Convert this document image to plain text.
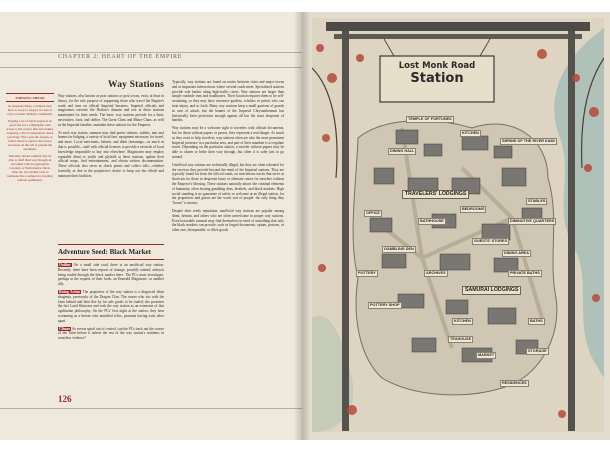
CHAPTER 2: HEART OF THE EMPIRE
FORGING AHEAD

In desperate times, a samurai may have to stoop to forgery in order to carry out their daimyō's commands.

Forging a set of travel papers is no good feat for a calligrapher with access to the correct inks and stamps, requiring a TN 3 Composition check (see Page 78) to pass the forgery. A failed check is equal to the lowest successes on the roll to present the document.

Naturally, honest samurai may be able to bluff their way through an encounter with an appropriate Courtesy or Performance check. After all, it is terribly rude to insinuate that a samurai is traveling without permission.

Way Stations

Way stations, also known as post stations or post towns, exist, at least in theory, for the sole purpose of supporting those who travel the Empire's roads and inns on official Imperial business. Imperial officials and magistrates traverse the Harbor's domain and rest at these stations maintained for their needs. The basic way stations provide for a basic necessities: food, and shelter. The Great Clans and Minor Clans, as well as the Imperial families, maintain these stations for the Emperor.

At each way station, samurai may find porter stations, stables, inns and homes for lodging, a variety of local fare, equipment necessary for travel, and more. Local merchants, heimin, and dōmi (meanings—as much as that is possible—staff with official licenses to provide a network of local knowledge impossible to buy into elsewhere. Magistrates may employ reputable dōmi or yoriki and plyhold at these stations, update their official maps, find entertainment, and obtain written documentation. These officials also serve as check points and collect tolls—whether formally, or due to the proprietor's desire to keep out the riffraff and maintain their facilities.

Typically, way stations are found on routes between cities and major towns and at important intersections where several roads meet. Specialized stations provide safe harbor along high-traffic rivers. Way stations are larger than simple roadside inns and roadhouses. Their location requires them to be self-sustaining, so they may have extensive gardens, scholars or priests who can treat injury, and so forth. Many way stations keep a small garrison of guards in case of attack, but the banner of the Imperial Chrysanthemum has historically been protection enough against all but the most desperate of bandits.

Way stations may be a welcome sight to travelers with official documents, but for those without papers or passes, they represent a real danger. As much as they exist to help travelers, way stations often are also the most prominent Imperial presence in a particular area, and part of their mandate is to regulate travel. Depending on the particular station, a traveler without papers may be able to charm or bribe their way through, but often it is safer just to go around.

Unofficial way stations are technically illegal, but they are often tolerated for the services they provide beyond the remit of the Imperial stations. They are typically found far from the official roads, on treacherous tracks that serve as shortcuts for those in desperate hurry or alternate routes for travelers without the Emperor's blessing. These stations naturally attract the criminal elements of humanity, often hosting gambling dens, brothels, and black markets. High social standing is no guarantee of safety or welcome at an illegal station, for the proprietors and guests are the worst sort of people: the only thing they "honor" is money.

Despite their seedy reputation, unofficial way stations are popular among dōmi, heimin, and others who are often unwelcome in proper way stations. Even honorable samurai may find themselves in need of something that only the black markets can provide, such as forged documents, opium, poisons, or other rare, disreputable, or illicit goods.

Adventure Seed: Black Market

Outline On a small side road, there is an unofficial way station. Recently, there have been reports of strange, possibly tainted, artifacts being traded through the black market there. The PCs must investigate, perhaps at the request of their lords, an Emerald Magistrate, or another ally.

Rising Action The proprietor of the way station is a disgraced dōmi shugenja, previously of the Dragon Clan. The owner who sits with the farm behind and then flee by for sale goods to be traded; she promises the fact Land Shiawase and seek the way station as an extension of that egalitarian philosophy. On the PCs' first night at the station, they hear screaming as a breeze stirs unsettled relics, peasants having each other apart.

Climax As events spiral out of control, can the PCs track out the source of the Taint before it infests the rest of the way station's residents in senseless violence?

126
Lost Monk Road
Station
TRAVELERS' LODGINGS
SAMURAI LODGINGS
TEMPLE OF FORTUNES
DINING HALL
KITCHEN
SHRINE OF THE RIVER KAMI
BEDROOMS
STABLES
OFFICE
BATHHOUSE
GAMBLING DEN
GUESTS' STORES
DIMINUTIVE QUARTERS
POTTERY	ARCHIVES
DINING AREA
PRIVATE BATHS
POTTERY SHOP
KITCHEN
TEAHOUSE
MARKET
RESIDENCES
STORAGE
BATHS
